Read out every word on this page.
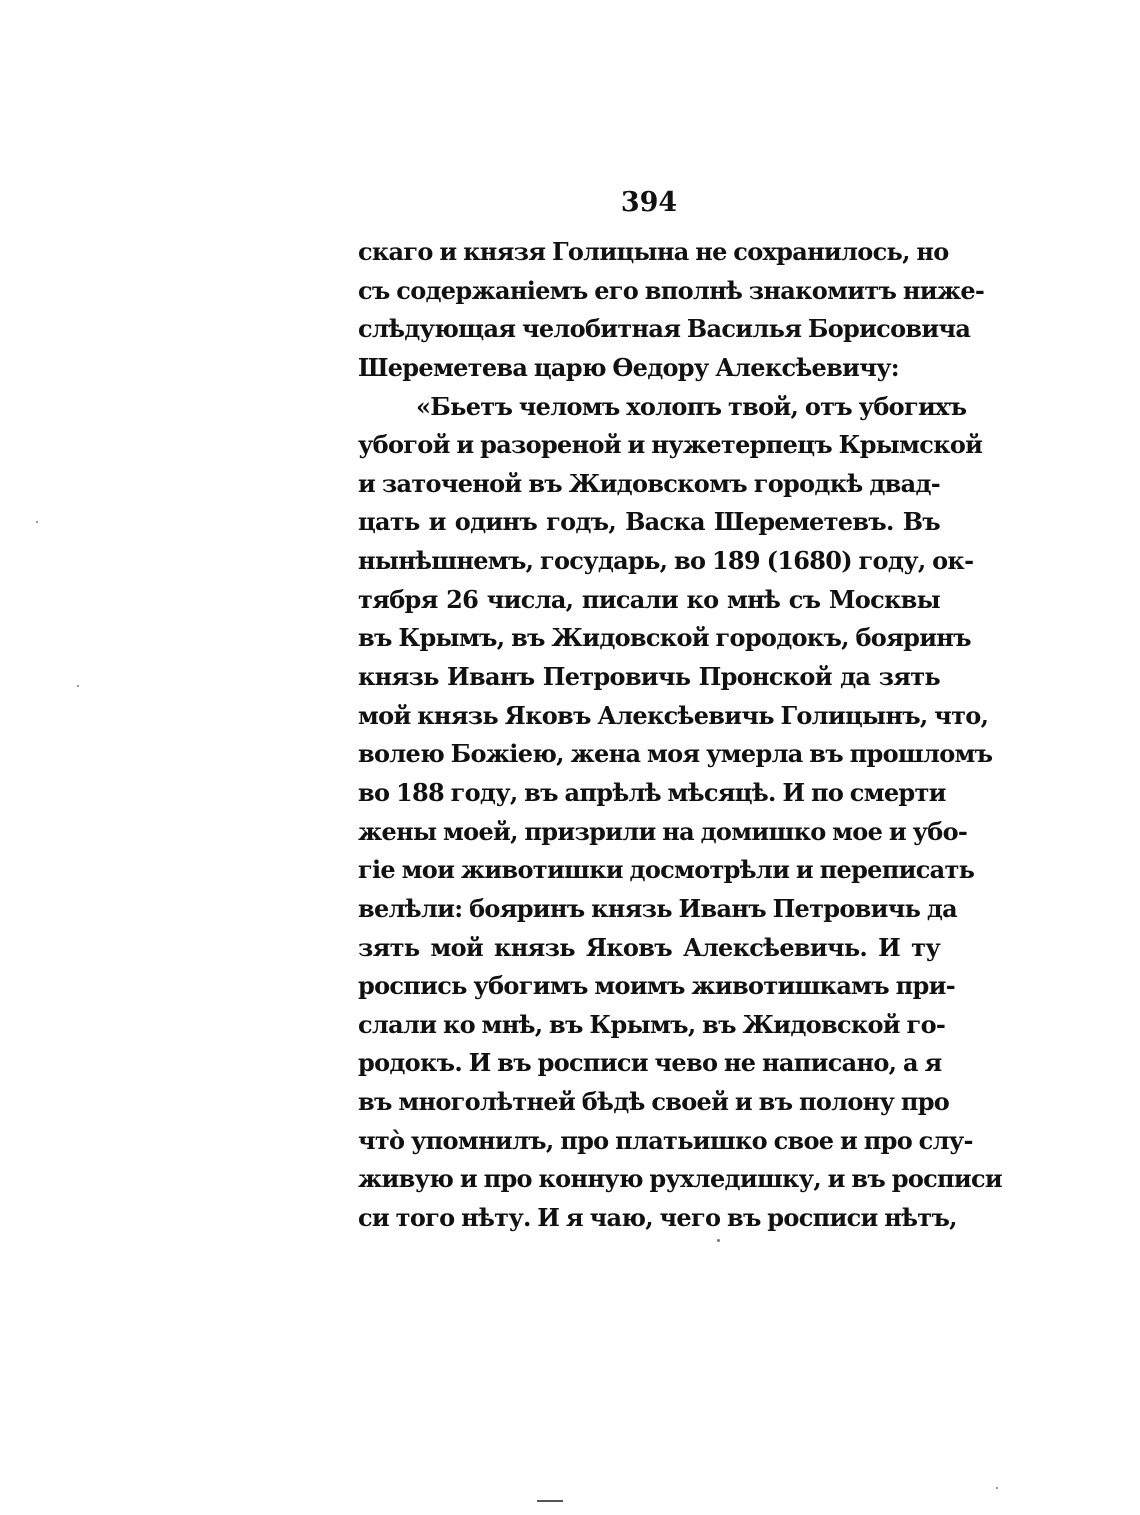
394
скаго и князя Голицына не сохранилось, но
съ содержаніемъ его вполнѣ знакомитъ ниже-
слѣдующая челобитная Василья Борисовича
Шереметева царю Ѳедору Алексѣевичу:
«Бьетъ челомъ холопъ твой, отъ убогихъ
убогой и разореной и нужетерпецъ Крымской
и заточеной въ Жидовскомъ городкѣ двад-
цать и одинъ годъ, Васка Шереметевъ. Въ
нынѣшнемъ, государь, во 189 (1680) году, ок-
тября 26 числа, писали ко мнѣ съ Москвы
въ Крымъ, въ Жидовской городокъ, бояринъ
князь Иванъ Петровичь Пронской да зять
мой князь Яковъ Алексѣевичь Голицынъ, что,
волею Божіею, жена моя умерла въ прошломъ
во 188 году, въ апрѣлѣ мѣсяцѣ. И по смерти
жены моей, призрили на домишко мое и убо-
гіе мои животишки досмотрѣли и переписать
велѣли: бояринъ князь Иванъ Петровичь да
зять мой князь Яковъ Алексѣевичь. И ту
роспись убогимъ моимъ животишкамъ при-
слали ко мнѣ, въ Крымъ, въ Жидовской го-
родокъ. И въ росписи чево не написано, а я
въ многолѣтней бѣдѣ своей и въ полону про
чтò упомнилъ, про платьишко свое и про слу-
живую и про конную рухледишку, и въ росписи
си того нѣту. И я чаю, чего въ росписи нѣтъ,
